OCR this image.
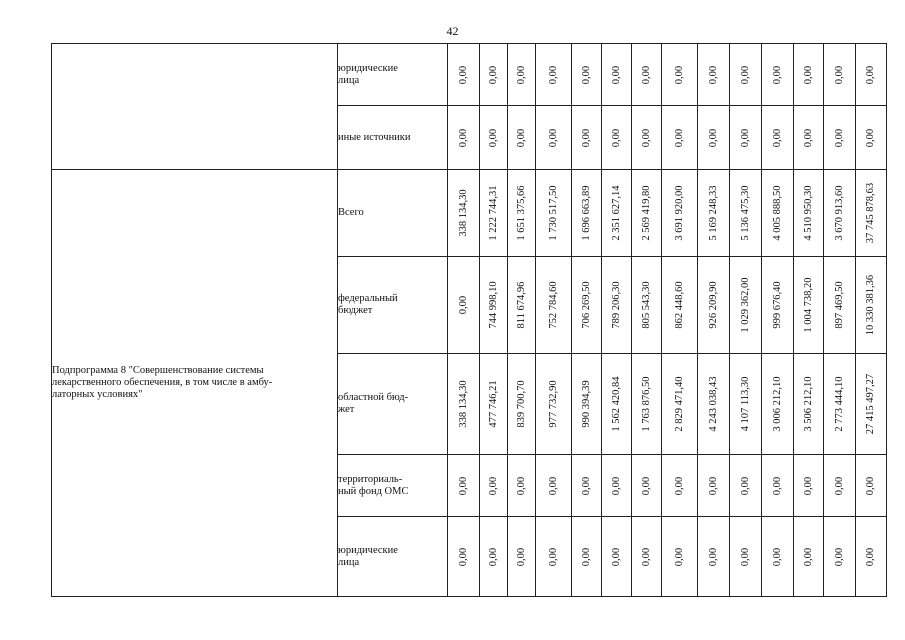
42
	юридические
лица	0,00	0,00	0,00	0,00	0,00	0,00	0,00	0,00	0,00	0,00	0,00	0,00	0,00	0,00

	иные источники	0,00	0,00	0,00	0,00	0,00	0,00	0,00	0,00	0,00	0,00	0,00	0,00	0,00	0,00

Подпрограмма 8 "Совершенствование системы
лекарственного обеспечения, в том числе в амбу-
латорных условиях"	Всего	338 134,30	1 222 744,31	1 651 375,66	1 730 517,50	1 696 663,89	2 351 627,14	2 569 419,80	3 691 920,00	5 169 248,33	5 136 475,30	4 005 888,50	4 510 950,30	3 670 913,60	37 745 878,63

	федеральный
бюджет	0,00	744 998,10	811 674,96	752 784,60	706 269,50	789 206,30	805 543,30	862 448,60	926 209,90	1 029 362,00	999 676,40	1 004 738,20	897 469,50	10 330 381,36

	областной бюд-
жет	338 134,30	477 746,21	839 700,70	977 732,90	990 394,39	1 562 420,84	1 763 876,50	2 829 471,40	4 243 038,43	4 107 113,30	3 006 212,10	3 506 212,10	2 773 444,10	27 415 497,27

	территориаль-
ный фонд ОМС	0,00	0,00	0,00	0,00	0,00	0,00	0,00	0,00	0,00	0,00	0,00	0,00	0,00	0,00

	юридические
лица	0,00	0,00	0,00	0,00	0,00	0,00	0,00	0,00	0,00	0,00	0,00	0,00	0,00	0,00
